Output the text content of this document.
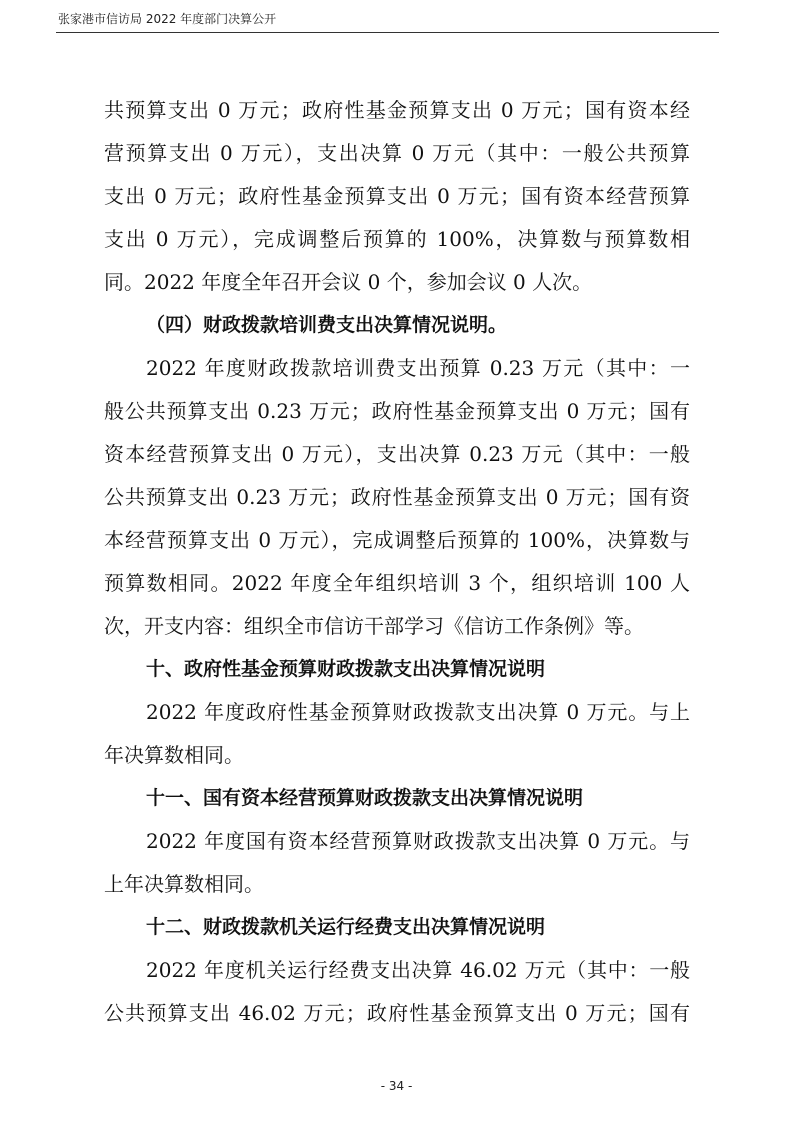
张家港市信访局 2022 年度部门决算公开
共预算支出 0 万元；政府性基金预算支出 0 万元；国有资本经
营预算支出 0 万元），支出决算 0 万元（其中：一般公共预算
支出 0 万元；政府性基金预算支出 0 万元；国有资本经营预算
支出 0 万元），完成调整后预算的 100%，决算数与预算数相
同。2022 年度全年召开会议 0 个，参加会议 0 人次。
（四）财政拨款培训费支出决算情况说明。
2022 年度财政拨款培训费支出预算 0.23 万元（其中：一
般公共预算支出 0.23 万元；政府性基金预算支出 0 万元；国有
资本经营预算支出 0 万元），支出决算 0.23 万元（其中：一般
公共预算支出 0.23 万元；政府性基金预算支出 0 万元；国有资
本经营预算支出 0 万元），完成调整后预算的 100%，决算数与
预算数相同。2022 年度全年组织培训 3 个，组织培训 100 人
次，开支内容：组织全市信访干部学习《信访工作条例》等。
十、政府性基金预算财政拨款支出决算情况说明
2022 年度政府性基金预算财政拨款支出决算 0 万元。与上
年决算数相同。
十一、国有资本经营预算财政拨款支出决算情况说明
2022 年度国有资本经营预算财政拨款支出决算 0 万元。与
上年决算数相同。
十二、财政拨款机关运行经费支出决算情况说明
2022 年度机关运行经费支出决算 46.02 万元（其中：一般
公共预算支出 46.02 万元；政府性基金预算支出 0 万元；国有
- 34 -
